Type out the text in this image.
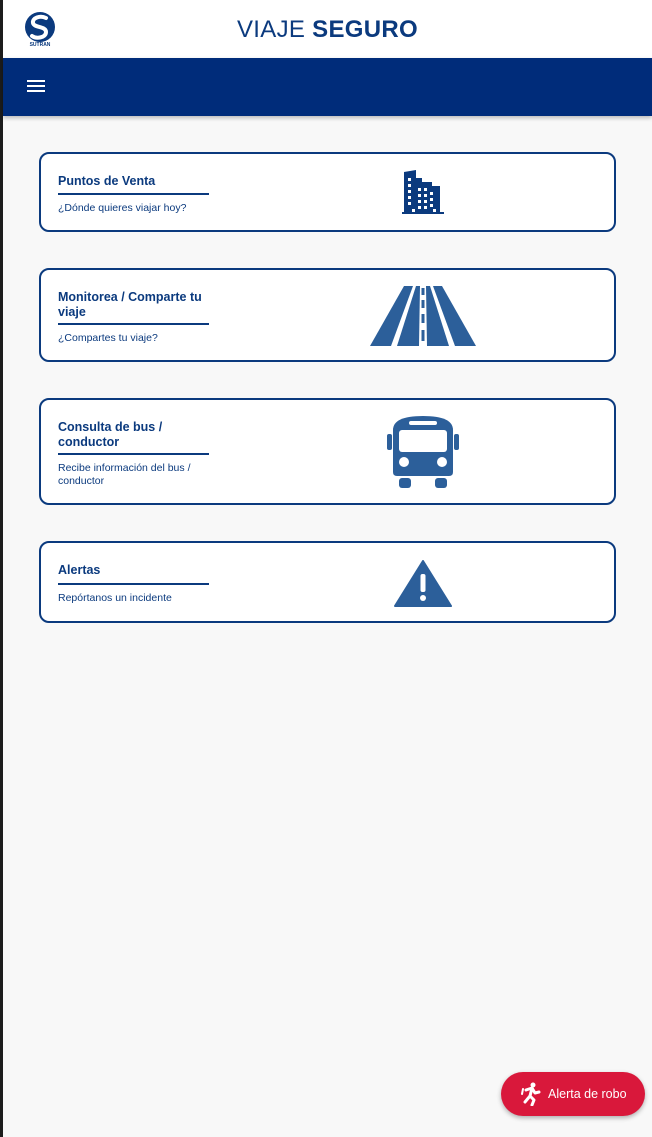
SUTRAN
VIAJE SEGURO
Puntos de Venta
¿Dónde quieres viajar hoy?
Monitorea / Comparte tu viaje
¿Compartes tu viaje?
Consulta de bus / conductor
Recibe información del bus / conductor
Alertas
Repórtanos un incidente
Alerta de robo
